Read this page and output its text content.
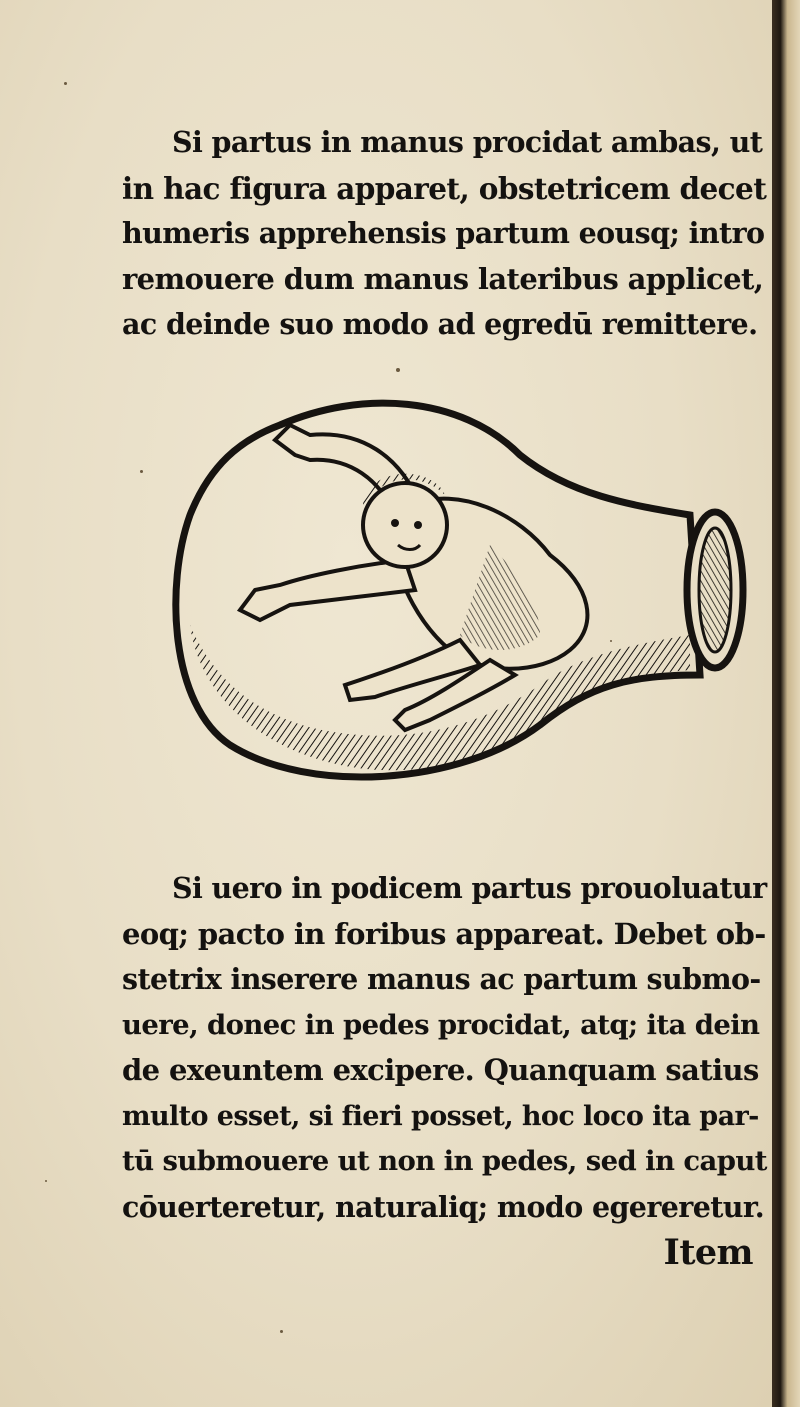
Si partus in manus procidat ambas, ut
in hac figura apparet, obstetricem decet
humeris apprehensis partum eousq; intro
remouere dum manus lateribus applicet,
ac deinde suo modo ad egredū remittere.
Si uero in podicem partus prouoluatur
eoq; pacto in foribus appareat. Debet ob-
stetrix inserere manus ac partum submo-
uere, donec in pedes procidat, atq; ita dein
de exeuntem excipere. Quanquam satius
multo esset, si fieri posset, hoc loco ita par-
tū submouere ut non in pedes, sed in caput
cōuerteretur, naturaliq; modo egereretur.
Item
